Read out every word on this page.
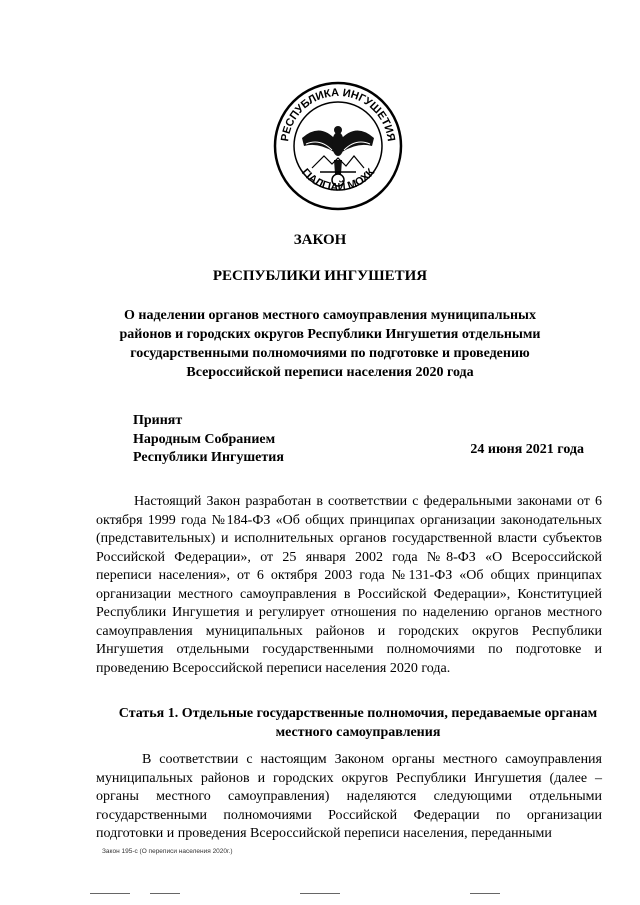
РЕСПУБЛИКА ИНГУШЕТИЯ
ГІАЛГІАЙ МОХК
ЗАКОН
РЕСПУБЛИКИ ИНГУШЕТИЯ
О наделении органов местного самоуправления муниципальных районов и городских округов Республики Ингушетия отдельными государственными полномочиями по подготовке и проведению Всероссийской переписи населения 2020 года
Принят
Народным Собранием
Республики Ингушетия
24 июня 2021 года
Настоящий Закон разработан в соответствии с федеральными законами от 6 октября 1999 года №184-ФЗ «Об общих принципах организации законодательных (представительных) и исполнительных органов государственной власти субъектов Российской Федерации», от 25 января 2002 года №8-ФЗ «О Всероссийской переписи населения», от 6 октября 2003 года №131-ФЗ «Об общих принципах организации местного самоуправления в Российской Федерации», Конституцией Республики Ингушетия и регулирует отношения по наделению органов местного самоуправления муниципальных районов и городских округов Республики Ингушетия отдельными государственными полномочиями по подготовке и проведению Всероссийской переписи населения 2020 года.
Статья 1. Отдельные государственные полномочия, передаваемые органам местного самоуправления
В соответствии с настоящим Законом органы местного самоуправления муниципальных районов и городских округов Республики Ингушетия (далее – органы местного самоуправления) наделяются следующими отдельными государственными полномочиями Российской Федерации по организации подготовки и проведения Всероссийской переписи населения, переданными
Закон 195-с (О переписи населения 2020г.)
